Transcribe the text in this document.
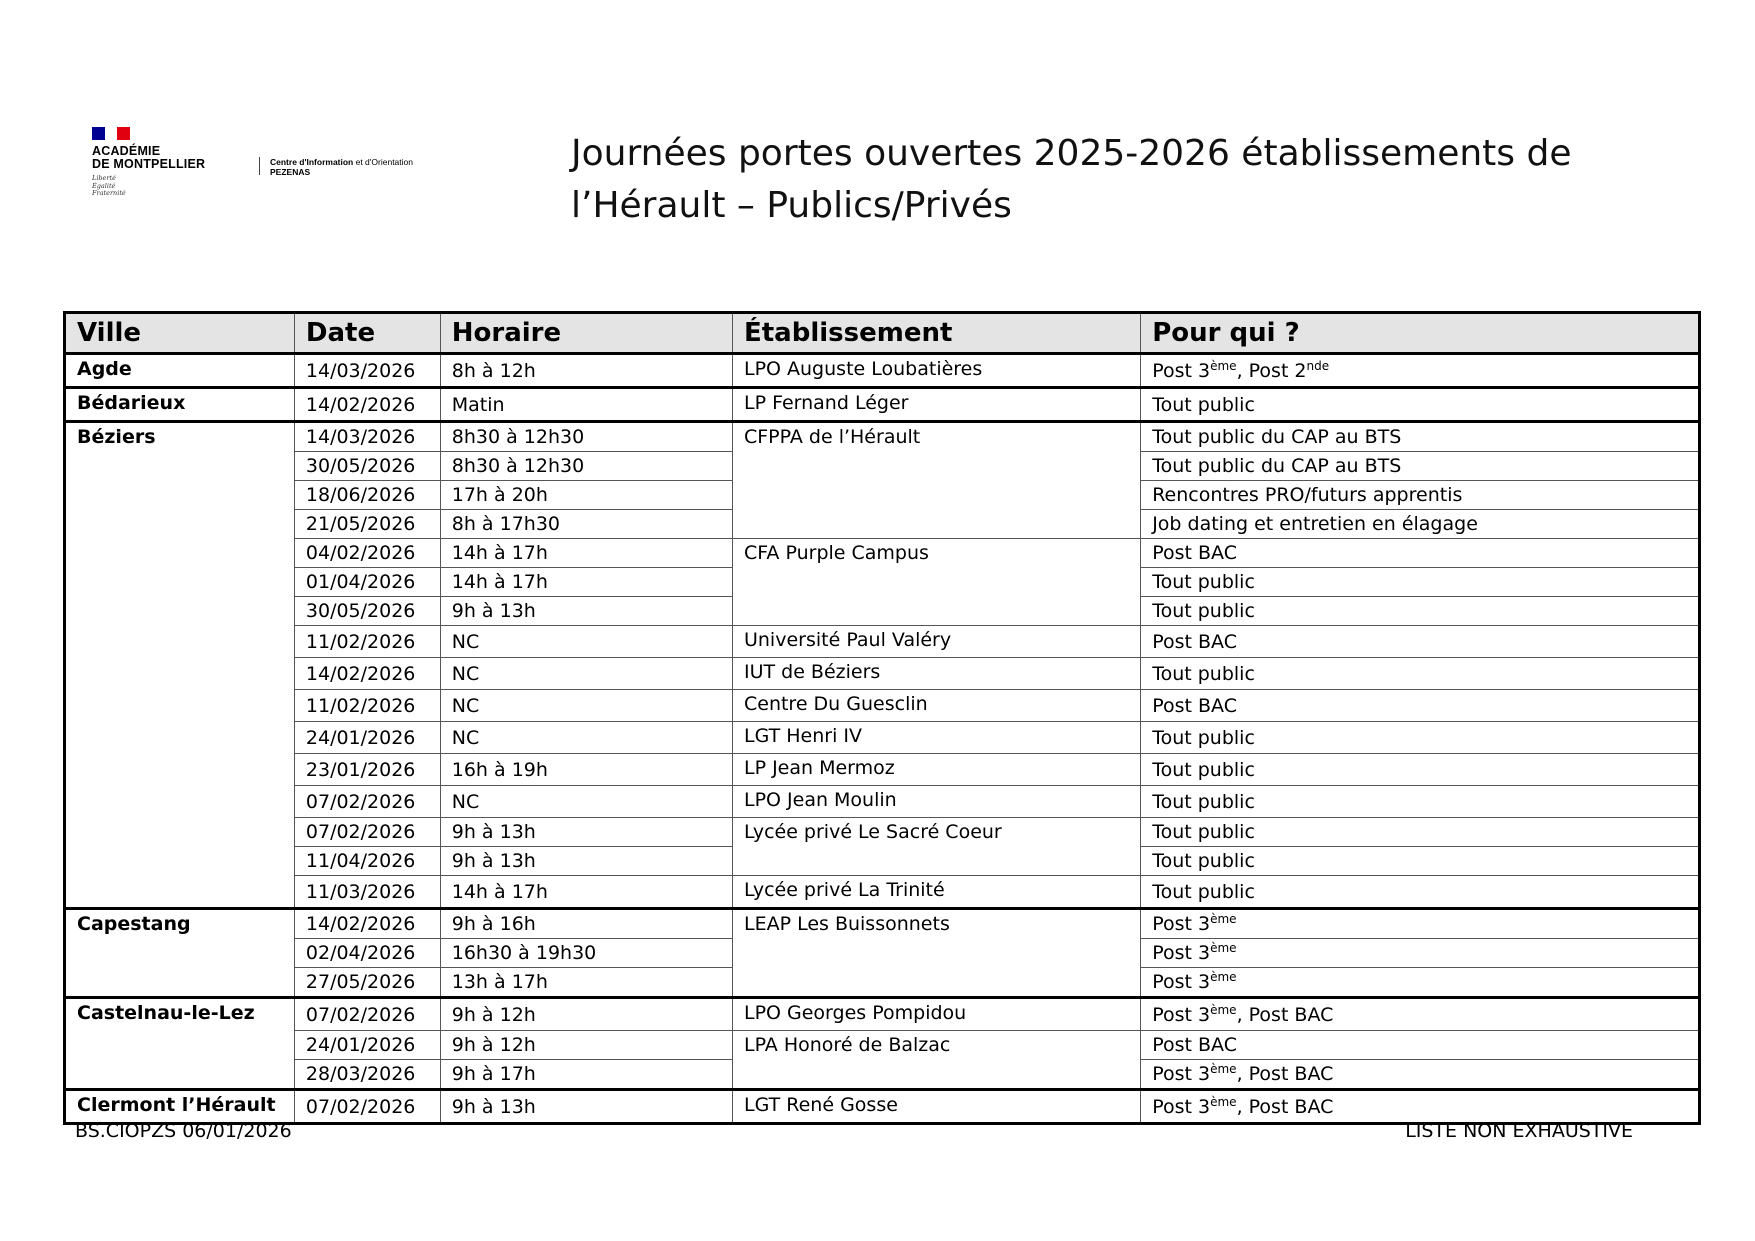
ACADÉMIE
DE MONTPELLIER
Liberté
Égalité
Fraternité
Centre d'Information et d'Orientation
PEZENAS	Journées portes ouvertes 2025-2026 établissements de
l’Hérault – Publics/Privés
Ville	Date	Horaire	Établissement	Pour qui ?
Agde	14/03/2026	8h à 12h	LPO Auguste Loubatières	Post 3ème, Post 2nde
Bédarieux	14/02/2026	Matin	LP Fernand Léger	Tout public
Béziers	14/03/2026	8h30 à 12h30	CFPPA de l’Hérault	Tout public du CAP au BTS
	30/05/2026	8h30 à 12h30		Tout public du CAP au BTS
	18/06/2026	17h à 20h		Rencontres PRO/futurs apprentis
	21/05/2026	8h à 17h30		Job dating et entretien en élagage
	04/02/2026	14h à 17h	CFA Purple Campus	Post BAC
	01/04/2026	14h à 17h		Tout public
	30/05/2026	9h à 13h		Tout public
	11/02/2026	NC	Université Paul Valéry	Post BAC
	14/02/2026	NC	IUT de Béziers	Tout public
	11/02/2026	NC	Centre Du Guesclin	Post BAC
	24/01/2026	NC	LGT Henri IV	Tout public
	23/01/2026	16h à 19h	LP Jean Mermoz	Tout public
	07/02/2026	NC	LPO Jean Moulin	Tout public
	07/02/2026	9h à 13h	Lycée privé Le Sacré Coeur	Tout public
	11/04/2026	9h à 13h		Tout public
	11/03/2026	14h à 17h	Lycée privé La Trinité	Tout public
Capestang	14/02/2026	9h à 16h	LEAP Les Buissonnets	Post 3ème
	02/04/2026	16h30 à 19h30		Post 3ème
	27/05/2026	13h à 17h		Post 3ème
Castelnau-le-Lez	07/02/2026	9h à 12h	LPO Georges Pompidou	Post 3ème, Post BAC
	24/01/2026	9h à 12h	LPA Honoré de Balzac	Post BAC
	28/03/2026	9h à 17h		Post 3ème, Post BAC
Clermont l’Hérault	07/02/2026	9h à 13h	LGT René Gosse	Post 3ème, Post BAC
BS.CIOPZS 06/01/2026	LISTE NON EXHAUSTIVE
